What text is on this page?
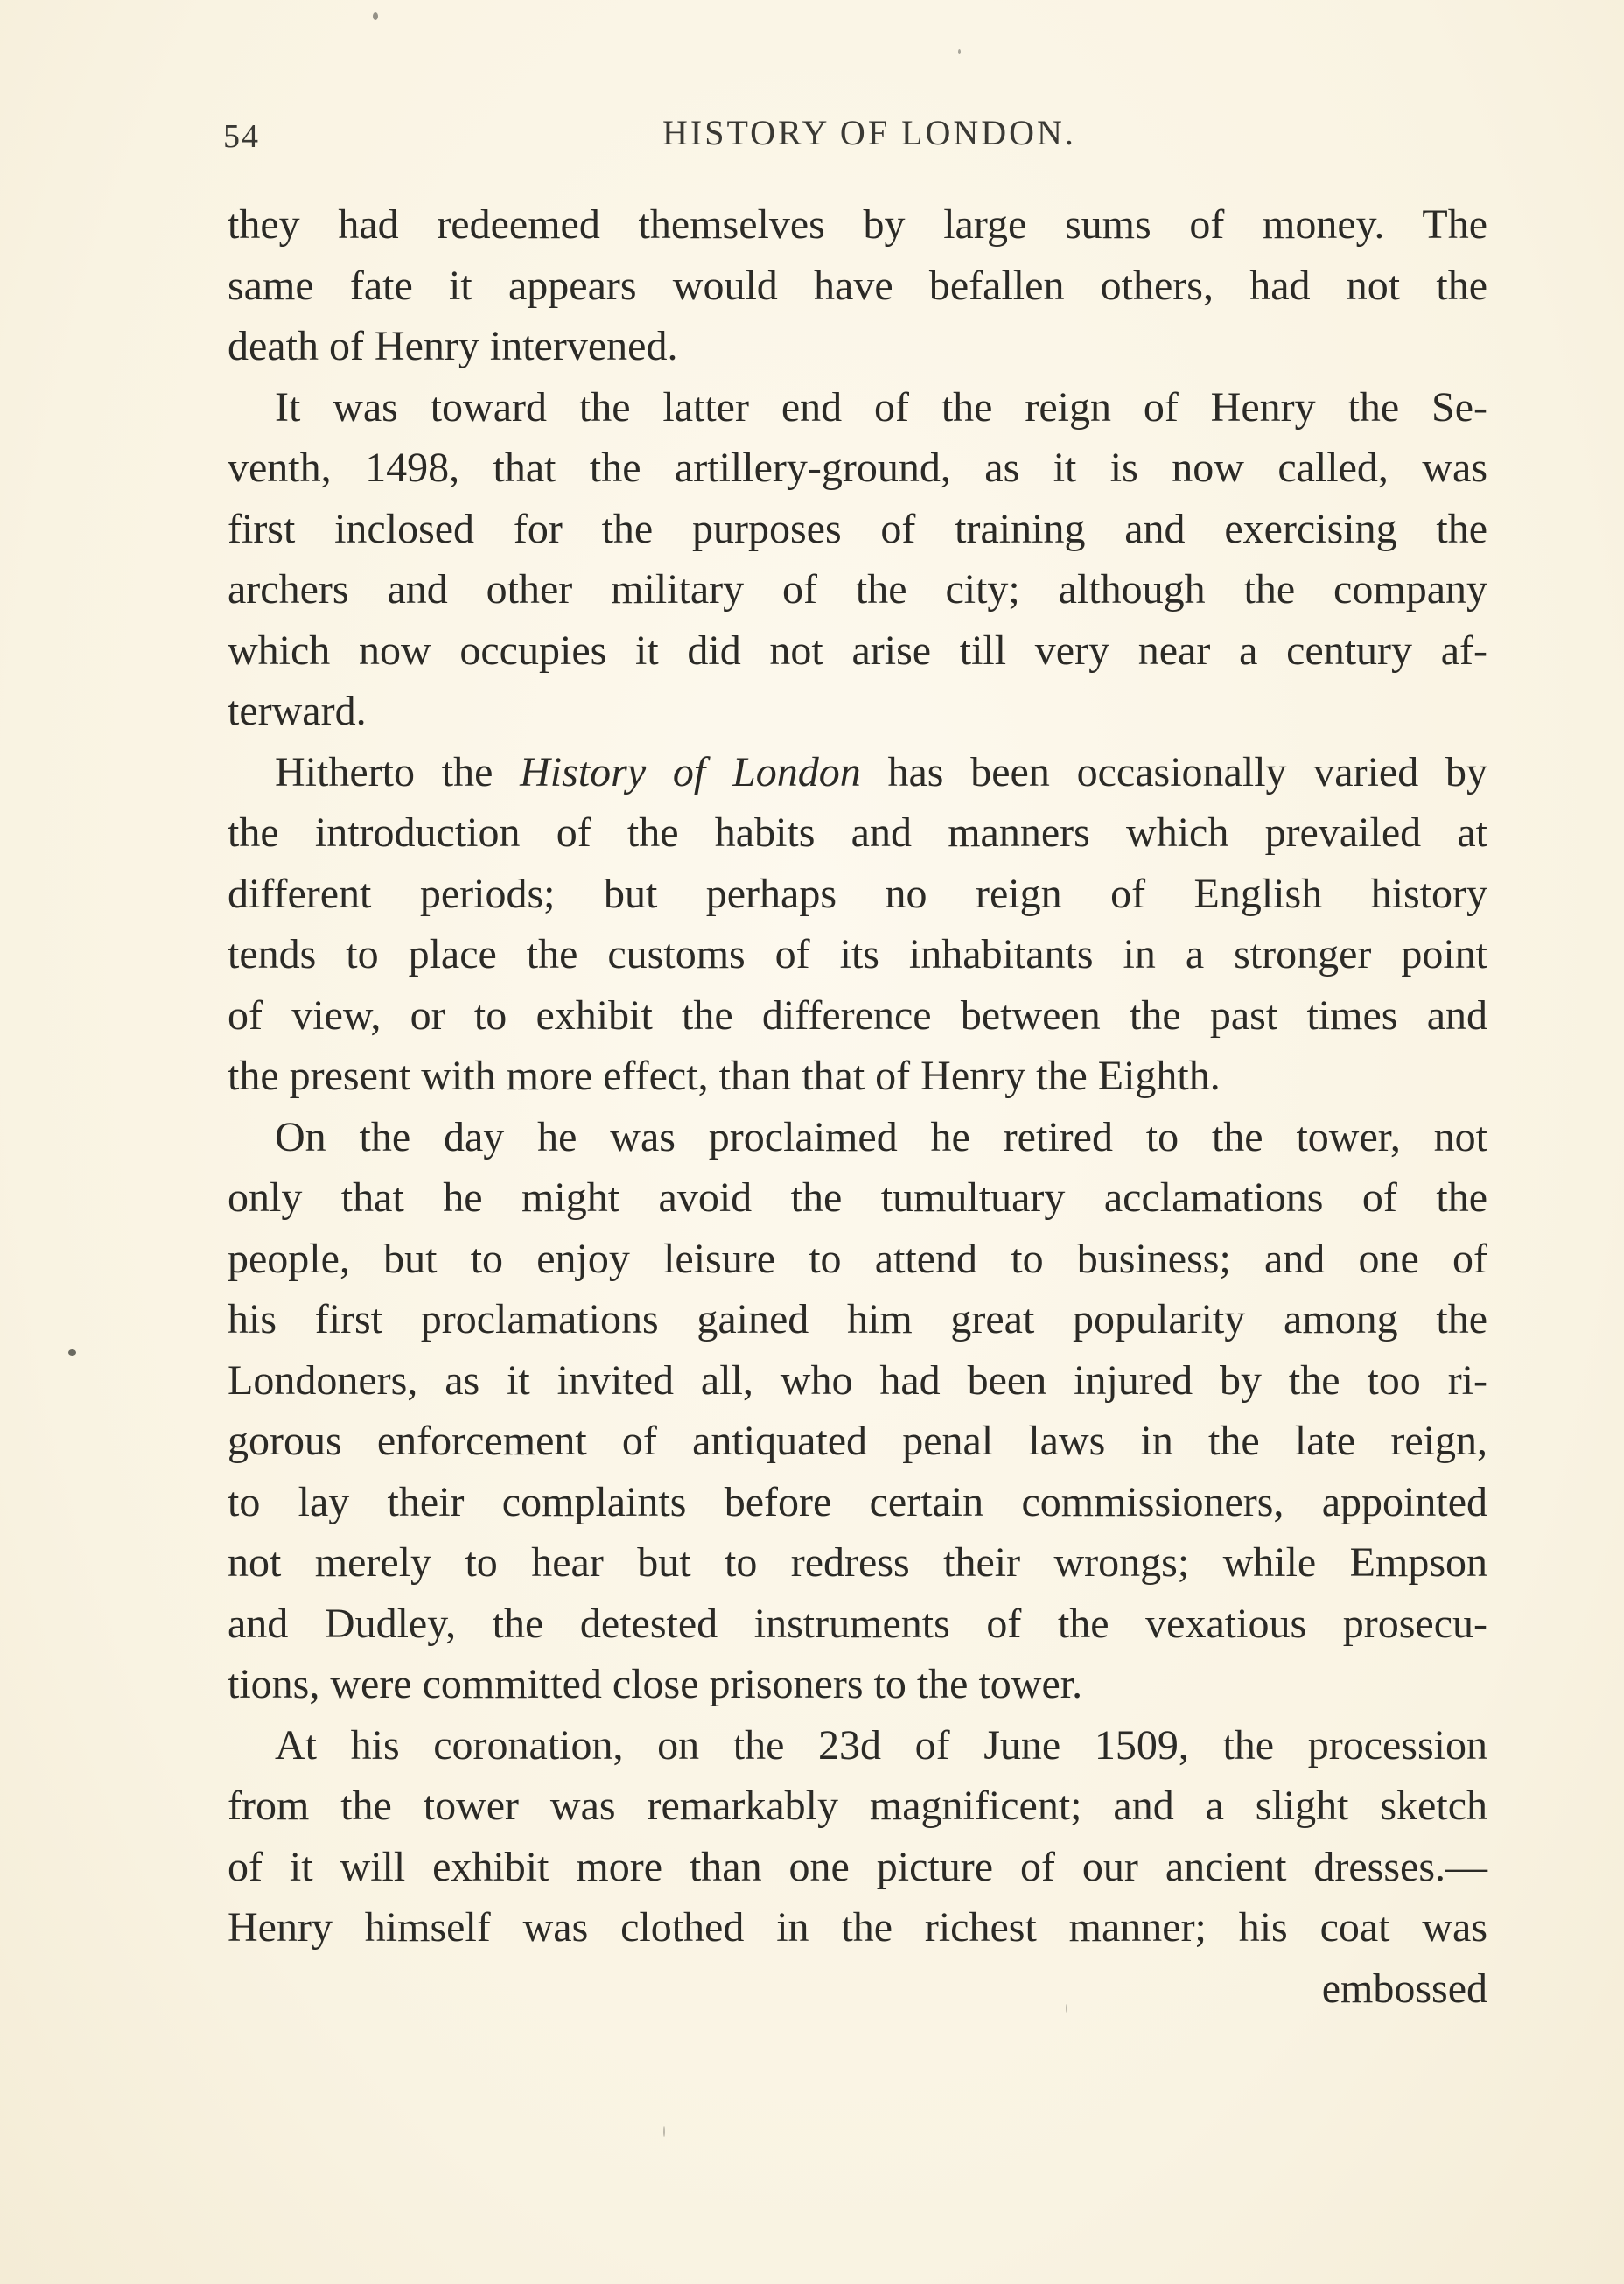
54	HISTORY OF LONDON.
they had redeemed themselves by large sums of money. The
same fate it appears would have befallen others, had not the
death of Henry intervened.
It was toward the latter end of the reign of Henry the Se-
venth, 1498, that the artillery-ground, as it is now called, was
first inclosed for the purposes of training and exercising the
archers and other military of the city; although the company
which now occupies it did not arise till very near a century af-
terward.
Hitherto the History of London has been occasionally varied by
the introduction of the habits and manners which prevailed at
different periods; but perhaps no reign of English history
tends to place the customs of its inhabitants in a stronger point
of view, or to exhibit the difference between the past times and
the present with more effect, than that of Henry the Eighth.
On the day he was proclaimed he retired to the tower, not
only that he might avoid the tumultuary acclamations of the
people, but to enjoy leisure to attend to business; and one of
his first proclamations gained him great popularity among the
Londoners, as it invited all, who had been injured by the too ri-
gorous enforcement of antiquated penal laws in the late reign,
to lay their complaints before certain commissioners, appointed
not merely to hear but to redress their wrongs; while Empson
and Dudley, the detested instruments of the vexatious prosecu-
tions, were committed close prisoners to the tower.
At his coronation, on the 23d of June 1509, the procession
from the tower was remarkably magnificent; and a slight sketch
of it will exhibit more than one picture of our ancient dresses.—
Henry himself was clothed in the richest manner; his coat was
embossed
